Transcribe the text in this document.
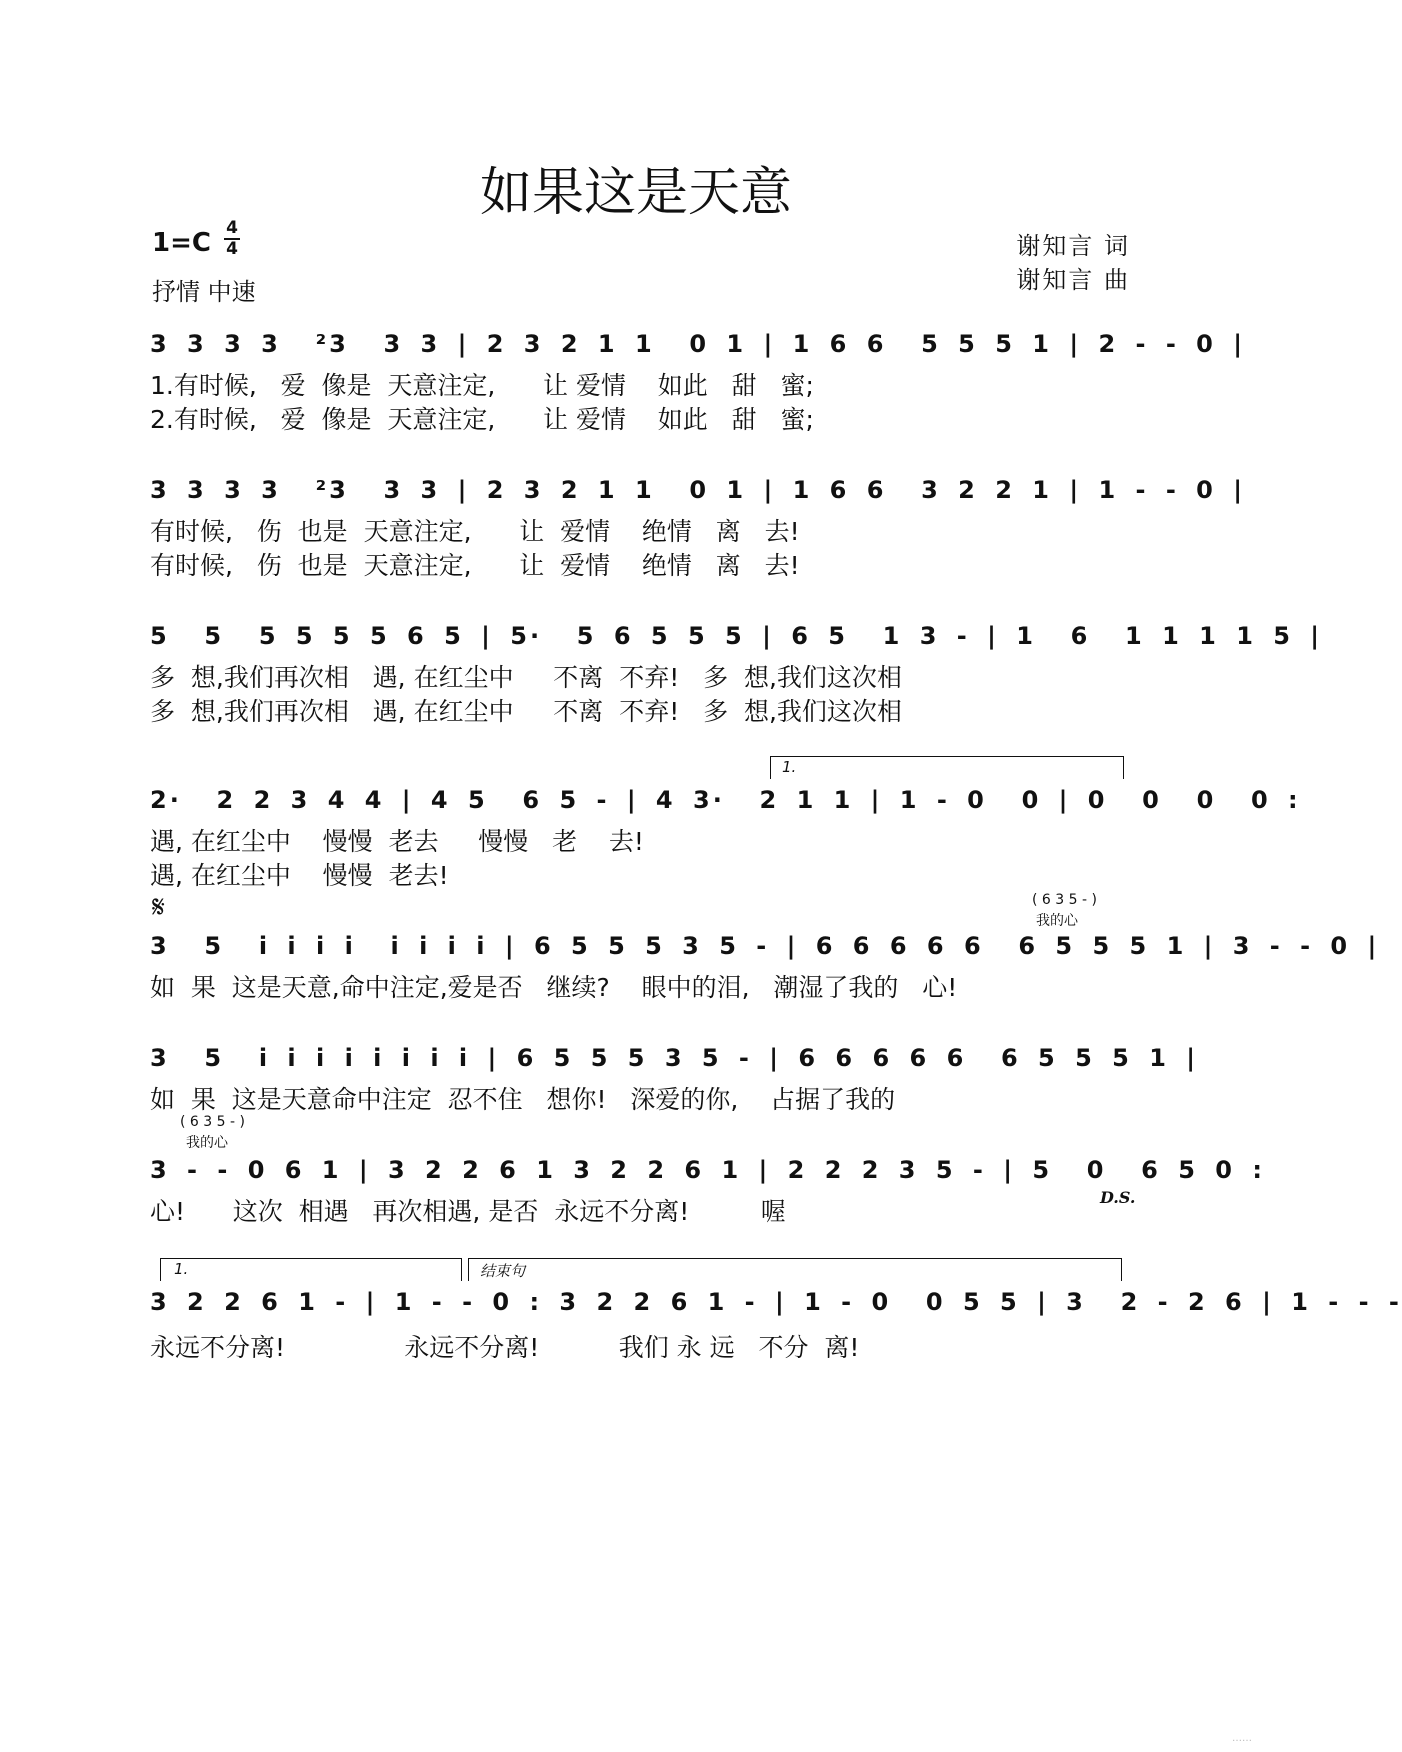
如果这是天意
1=C 4
4
抒情 中速
谢知言 词
谢知言 曲
3 3 3 3  ²3  3 3 | 2 3 2 1 1  0 1 | 1 6 6  5 5 5 1 | 2 - - 0 |
1.有时候,   爱  像是  天意注定,      让 爱情    如此   甜   蜜;
2.有时候,   爱  像是  天意注定,      让 爱情    如此   甜   蜜;
3 3 3 3  ²3  3 3 | 2 3 2 1 1  0 1 | 1 6 6  3 2 2 1 | 1 - - 0 |
有时候,   伤  也是  天意注定,      让  爱情    绝情   离   去!
有时候,   伤  也是  天意注定,      让  爱情    绝情   离   去!
5  5  5 5 5 5 6 5 | 5·  5 6 5 5 5 | 6 5  1 3 - | 1  6  1 1 1 1 5 |
多  想,我们再次相   遇, 在红尘中     不离  不弃!   多  想,我们这次相
多  想,我们再次相   遇, 在红尘中     不离  不弃!   多  想,我们这次相
1.
2·  2 2 3 4 4 | 4 5  6 5 - | 4 3·  2 1 1 | 1 - 0  0 | 0  0  0  0 :
遇, 在红尘中    慢慢  老去     慢慢   老    去!
遇, 在红尘中    慢慢  老去!
𝄋	( 6 3 5 - )
我的心
3  5  i i i i  i i i i | 6 5 5 5 3 5 - | 6 6 6 6 6  6 5 5 5 1 | 3 - - 0 |
如  果  这是天意,命中注定,爱是否   继续?    眼中的泪,   潮湿了我的   心!
3  5  i i i i i i i i | 6 5 5 5 3 5 - | 6 6 6 6 6  6 5 5 5 1 |
如  果  这是天意命中注定  忍不住   想你!   深爱的你,    占据了我的
( 6 3 5 - )
我的心
3 - - 0 6 1 | 3 2 2 6 1 3 2 2 6 1 | 2 2 2 3 5 - | 5  0  6 5 0 :
心!      这次  相遇   再次相遇, 是否  永远不分离!         喔	D.S.
1.	结束句
3 2 2 6 1 - | 1 - - 0 : 3 2 2 6 1 - | 1 - 0  0 5 5 | 3  2 - 2 6 | 1 - - -
永远不分离!               永远不分离!          我们 永 远   不分  离!
……
